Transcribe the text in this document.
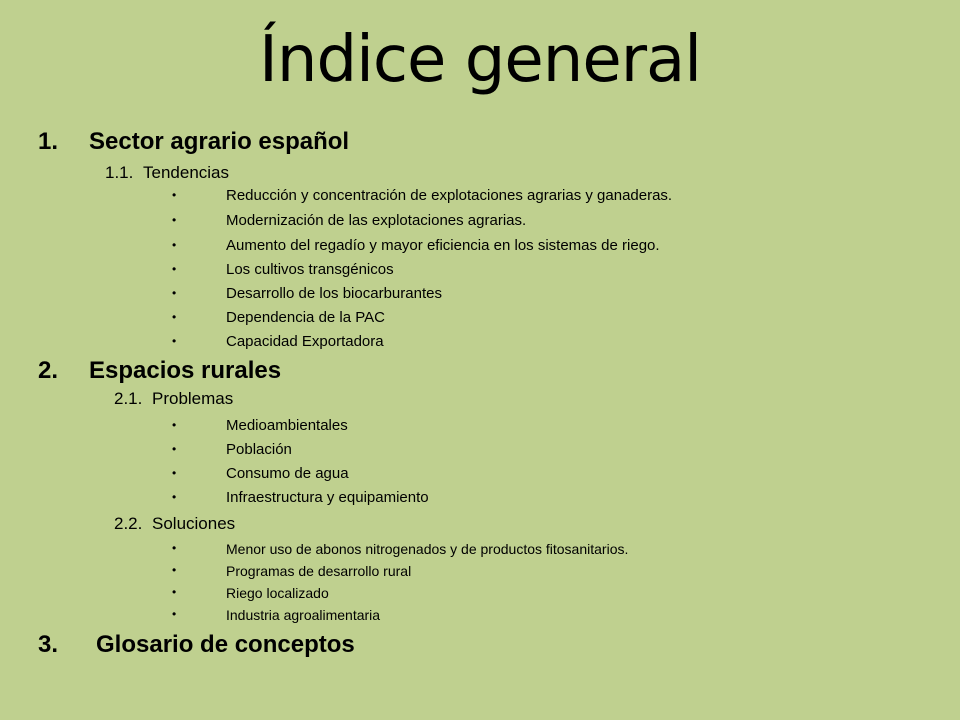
Índice general
1. Sector agrario español
1.1. Tendencias
•	Reducción y concentración de explotaciones agrarias y ganaderas.
•	Modernización de las explotaciones agrarias.
•	Aumento del regadío y mayor eficiencia en los sistemas de riego.
•	Los cultivos transgénicos
•	Desarrollo de los biocarburantes
•	Dependencia de la PAC
•	Capacidad Exportadora
2. Espacios rurales
2.1. Problemas
•	Medioambientales
•	Población
•	Consumo de agua
•	Infraestructura y equipamiento
2.2. Soluciones
•	Menor uso de abonos nitrogenados y de productos fitosanitarios.
•	Programas de desarrollo rural
•	Riego localizado
•	Industria agroalimentaria
3. Glosario de conceptos
